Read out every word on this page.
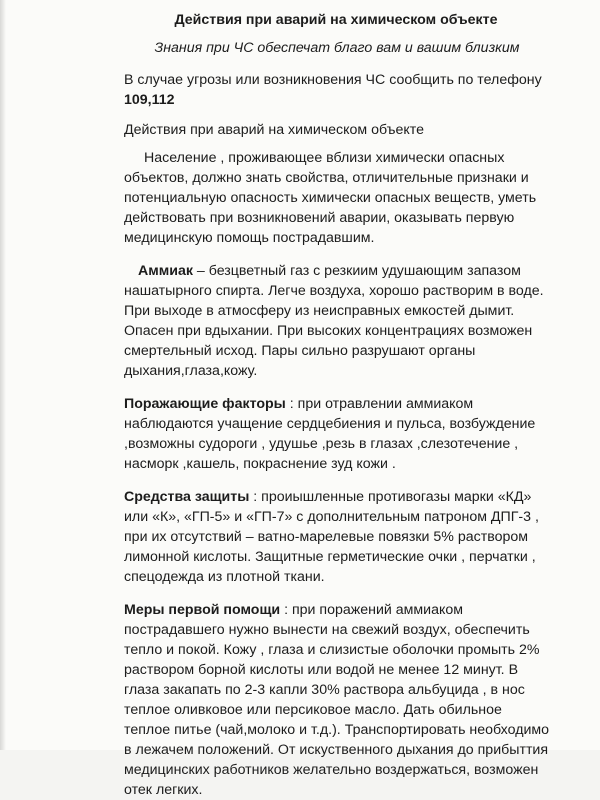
Действия при аварий на химическом объекте
Знания при ЧС обеспечат благо вам и вашим близким
В случае угрозы или возникновения ЧС сообщить по телефону 109,112
Действия при аварий на химическом объекте
Население , проживающее вблизи химически опасных объектов, должно знать свойства, отличительные признаки и потенциальную опасность химически опасных веществ, уметь действовать при возникновений аварии, оказывать первую медицинскую помощь пострадавшим.
Аммиак – безцветный газ с резкиим удушающим запазом нашатырного спирта. Легче воздуха, хорошо растворим в воде. При выходе в атмосферу из неисправных емкостей дымит. Опасен при вдыхании. При высоких концентрациях возможен смертельный исход. Пары сильно разрушают органы дыхания,глаза,кожу.
Поражающие факторы : при отравлении аммиаком наблюдаются учащение сердцебиения и пульса, возбуждение ,возможны судороги , удушье ,резь в глазах ,слезотечение , насморк ,кашель, покраснение зуд кожи .
Средства защиты : проиышленные противогазы марки «КД» или «К», «ГП-5» и «ГП-7» с дополнительным патроном ДПГ-3 , при их отсутствий – ватно-марелевые повязки 5% раствором лимонной кислоты. Защитные герметические очки , перчатки , спецодежда из плотной ткани.
Меры первой помощи : при поражений аммиаком пострадавшего нужно вынести на свежий воздух, обеспечить тепло и покой. Кожу , глаза и слизистые оболочки промыть 2% раствором борной кислоты или водой не менее 12 минут. В глаза закапать по 2-3 капли 30% раствора альбуцида , в нос теплое оливковое или персиковое масло. Дать обильное теплое питье (чай,молоко и т.д.). Транспортировать необходимо в лежачем положений. От искуственного дыхания до прибыттия медицинских работников желательно воздержаться, возможен отек легких.
